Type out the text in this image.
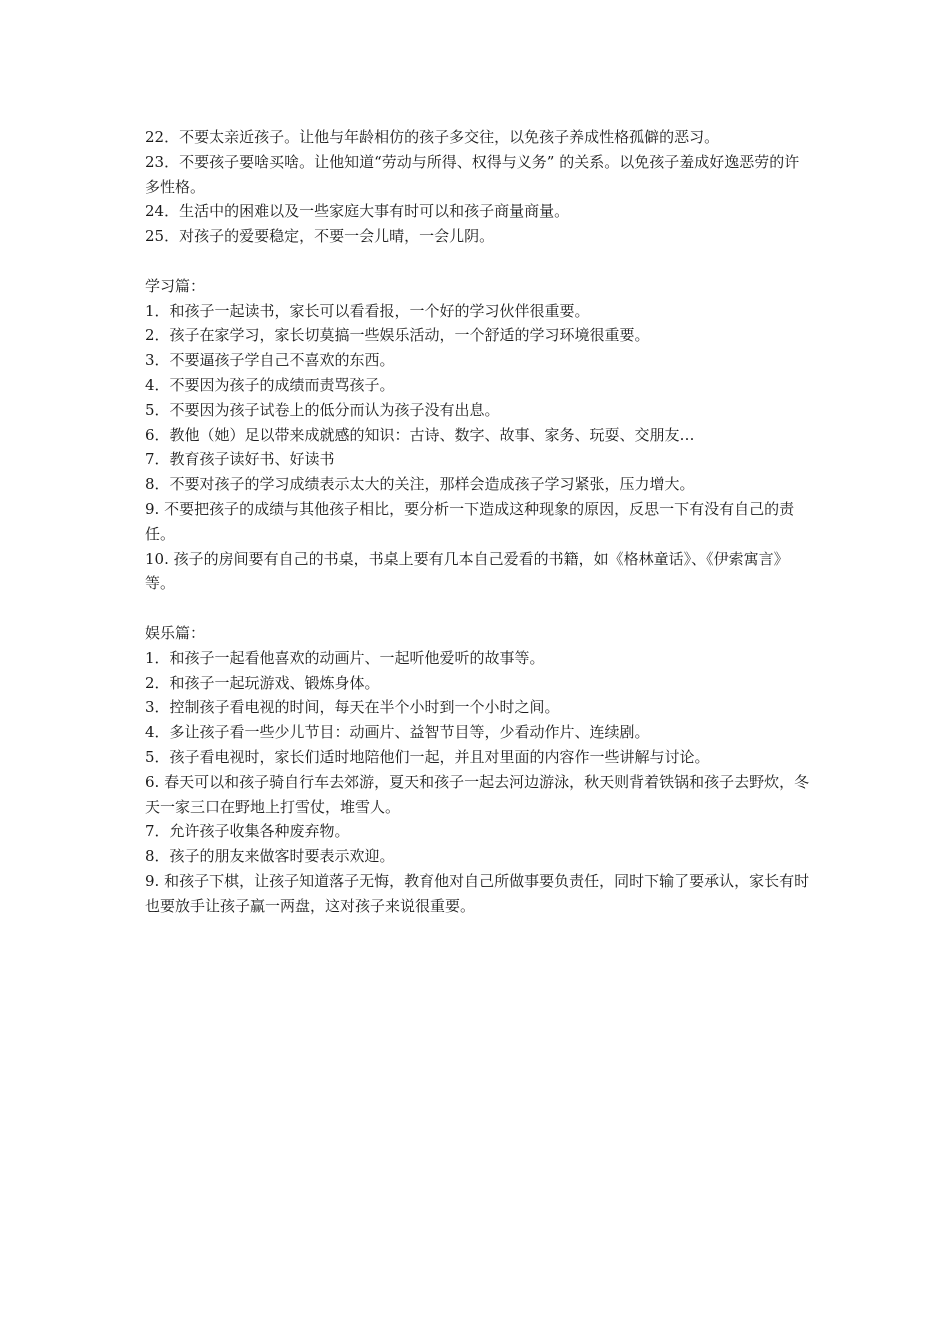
22．不要太亲近孩子。让他与年龄相仿的孩子多交往，以免孩子养成性格孤僻的恶习。

23．不要孩子要啥买啥。让他知道“劳动与所得、权得与义务” 的关系。以免孩子羞成好逸恶劳的许多性格。

24．生活中的困难以及一些家庭大事有时可以和孩子商量商量。

25．对孩子的爱要稳定，不要一会儿晴，一会儿阴。

学习篇：

1．和孩子一起读书，家长可以看看报，一个好的学习伙伴很重要。

2．孩子在家学习，家长切莫搞一些娱乐活动，一个舒适的学习环境很重要。

3．不要逼孩子学自己不喜欢的东西。

4．不要因为孩子的成绩而责骂孩子。

5．不要因为孩子试卷上的低分而认为孩子没有出息。

6．教他（她）足以带来成就感的知识：古诗、数字、故事、家务、玩耍、交朋友…

7．教育孩子读好书、好读书

8．不要对孩子的学习成绩表示太大的关注，那样会造成孩子学习紧张，压力增大。

9. 不要把孩子的成绩与其他孩子相比，要分析一下造成这种现象的原因，反思一下有没有自己的责任。

10. 孩子的房间要有自己的书桌，书桌上要有几本自己爱看的书籍，如《格林童话》、《伊索寓言》等。

娱乐篇：

1．和孩子一起看他喜欢的动画片、一起听他爱听的故事等。

2．和孩子一起玩游戏、锻炼身体。

3．控制孩子看电视的时间，每天在半个小时到一个小时之间。

4．多让孩子看一些少儿节目：动画片、益智节目等，少看动作片、连续剧。

5．孩子看电视时，家长们适时地陪他们一起，并且对里面的内容作一些讲解与讨论。

6. 春天可以和孩子骑自行车去郊游，夏天和孩子一起去河边游泳，秋天则背着铁锅和孩子去野炊，冬天一家三口在野地上打雪仗，堆雪人。

7．允许孩子收集各种废弃物。

8．孩子的朋友来做客时要表示欢迎。

9. 和孩子下棋，让孩子知道落子无悔，教育他对自己所做事要负责任，同时下输了要承认，家长有时也要放手让孩子赢一两盘，这对孩子来说很重要。
